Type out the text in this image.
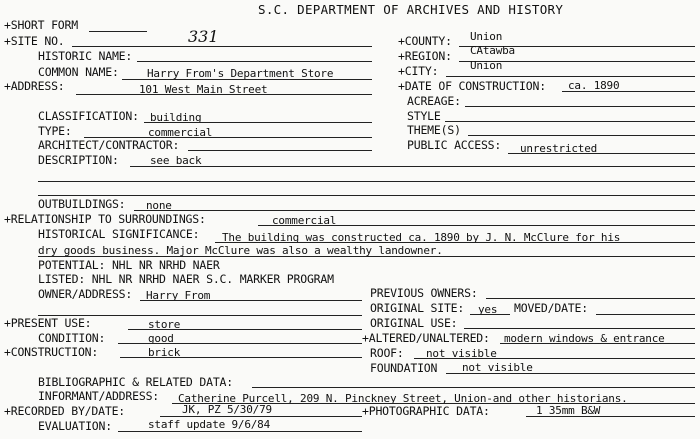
S.C. DEPARTMENT OF ARCHIVES AND HISTORY
+SHORT FORM
+SITE NO.	331
HISTORIC NAME:
COMMON NAME:	Harry From's Department Store
+ADDRESS:	101 West Main Street
+COUNTY: Union
+REGION: CAtawba
+CITY:	Union
+DATE OF CONSTRUCTION: ca. 1890
ACREAGE:
CLASSIFICATION: building
TYPE:	commercial
ARCHITECT/CONTRACTOR:
DESCRIPTION:	see back
STYLE
THEME(S)
PUBLIC ACCESS: unrestricted
OUTBUILDINGS: none
+RELATIONSHIP TO SURROUNDINGS:	commercial
HISTORICAL SIGNIFICANCE: The building was constructed ca. 1890 by J. N. McClure for his
dry goods business. Major McClure was also a wealthy landowner.
POTENTIAL: NHL NR NRHD NAER
LISTED: NHL NR NRHD NAER S.C. MARKER PROGRAM
OWNER/ADDRESS: Harry From	PREVIOUS OWNERS:
ORIGINAL SITE: yes MOVED/DATE:
+PRESENT USE:	store	ORIGINAL USE:
CONDITION:	good	+ALTERED/UNALTERED: modern windows & entrance
+CONSTRUCTION:	brick	ROOF: not visible
FOUNDATION not visible
BIBLIOGRAPHIC & RELATED DATA:
INFORMANT/ADDRESS: Catherine Purcell, 209 N. Pinckney Street, Union-and other historians.
+RECORDED BY/DATE:	JK, PZ 5/30/79	+PHOTOGRAPHIC DATA:	1 35mm B&W
EVALUATION:	staff update 9/6/84
